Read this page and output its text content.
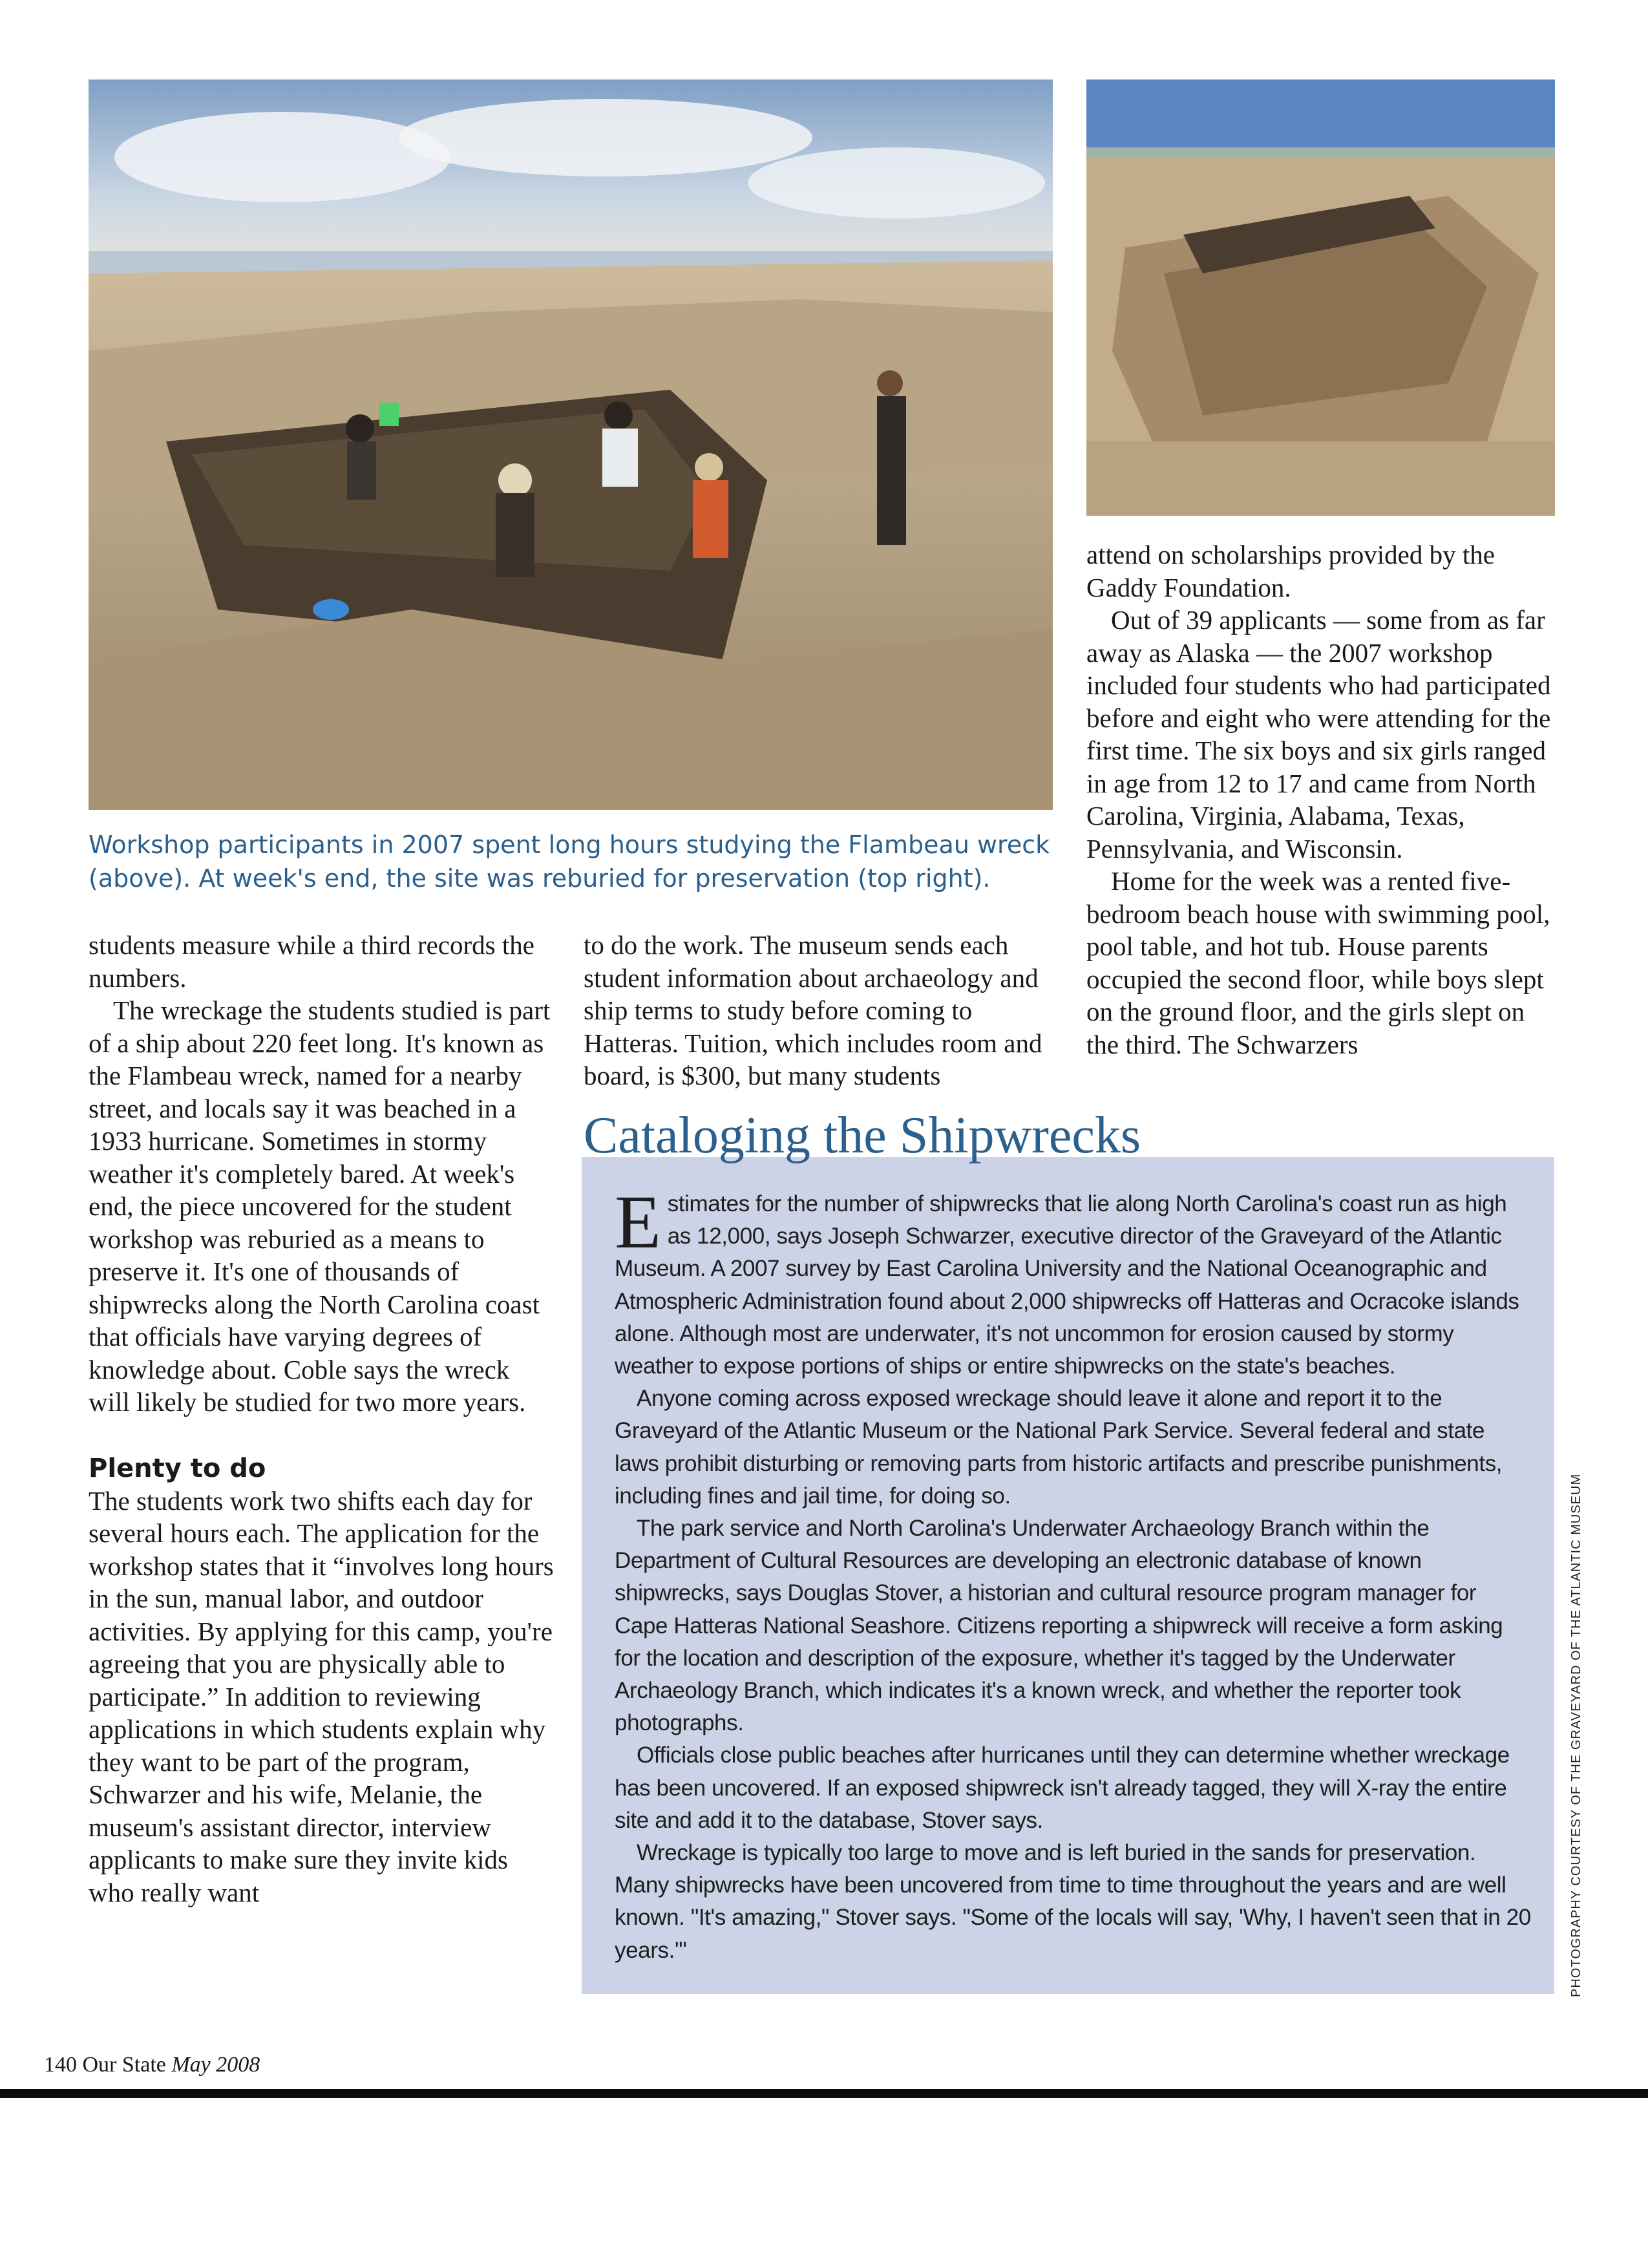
Workshop participants in 2007 spent long hours studying the Flambeau wreck (above). At week's end, the site was reburied for preservation (top right).

attend on scholarships provided by the Gaddy Foundation.

Out of 39 applicants — some from as far away as Alaska — the 2007 workshop included four students who had participated before and eight who were attending for the first time. The six boys and six girls ranged in age from 12 to 17 and came from North Carolina, Virginia, Alabama, Texas, Pennsylvania, and Wisconsin.

Home for the week was a rented five-bedroom beach house with swimming pool, pool table, and hot tub. House parents occupied the second floor, while boys slept on the ground floor, and the girls slept on the third. The Schwarzers

students measure while a third records the numbers.

The wreckage the students studied is part of a ship about 220 feet long. It's known as the Flambeau wreck, named for a nearby street, and locals say it was beached in a 1933 hurricane. Sometimes in stormy weather it's completely bared. At week's end, the piece uncovered for the student workshop was reburied as a means to preserve it. It's one of thousands of shipwrecks along the North Carolina coast that officials have varying degrees of knowledge about. Coble says the wreck will likely be studied for two more years.

Plenty to do

The students work two shifts each day for several hours each. The application for the workshop states that it “involves long hours in the sun, manual labor, and outdoor activities. By applying for this camp, you're agreeing that you are physically able to participate.” In addition to reviewing applications in which students explain why they want to be part of the program, Schwarzer and his wife, Melanie, the museum's assistant director, interview applicants to make sure they invite kids who really want

to do the work. The museum sends each student information about archaeology and ship terms to study before coming to Hatteras. Tuition, which includes room and board, is $300, but many students

Cataloging the Shipwrecks

Estimates for the number of shipwrecks that lie along North Carolina's coast run as high as 12,000, says Joseph Schwarzer, executive director of the Graveyard of the Atlantic Museum. A 2007 survey by East Carolina University and the National Oceanographic and Atmospheric Administration found about 2,000 shipwrecks off Hatteras and Ocracoke islands alone. Although most are underwater, it's not uncommon for erosion caused by stormy weather to expose portions of ships or entire shipwrecks on the state's beaches.

Anyone coming across exposed wreckage should leave it alone and report it to the Graveyard of the Atlantic Museum or the National Park Service. Several federal and state laws prohibit disturbing or removing parts from historic artifacts and prescribe punishments, including fines and jail time, for doing so.

The park service and North Carolina's Underwater Archaeology Branch within the Department of Cultural Resources are developing an electronic database of known shipwrecks, says Douglas Stover, a historian and cultural resource program manager for Cape Hatteras National Seashore. Citizens reporting a shipwreck will receive a form asking for the location and description of the exposure, whether it's tagged by the Underwater Archaeology Branch, which indicates it's a known wreck, and whether the reporter took photographs.

Officials close public beaches after hurricanes until they can determine whether wreckage has been uncovered. If an exposed shipwreck isn't already tagged, they will X-ray the entire site and add it to the database, Stover says.

Wreckage is typically too large to move and is left buried in the sands for preservation. Many shipwrecks have been uncovered from time to time throughout the years and are well known. "It's amazing," Stover says. "Some of the locals will say, 'Why, I haven't seen that in 20 years.'"	PHOTOGRAPHY COURTESY OF THE GRAVEYARD OF THE ATLANTIC MUSEUM
140 Our State May 2008
